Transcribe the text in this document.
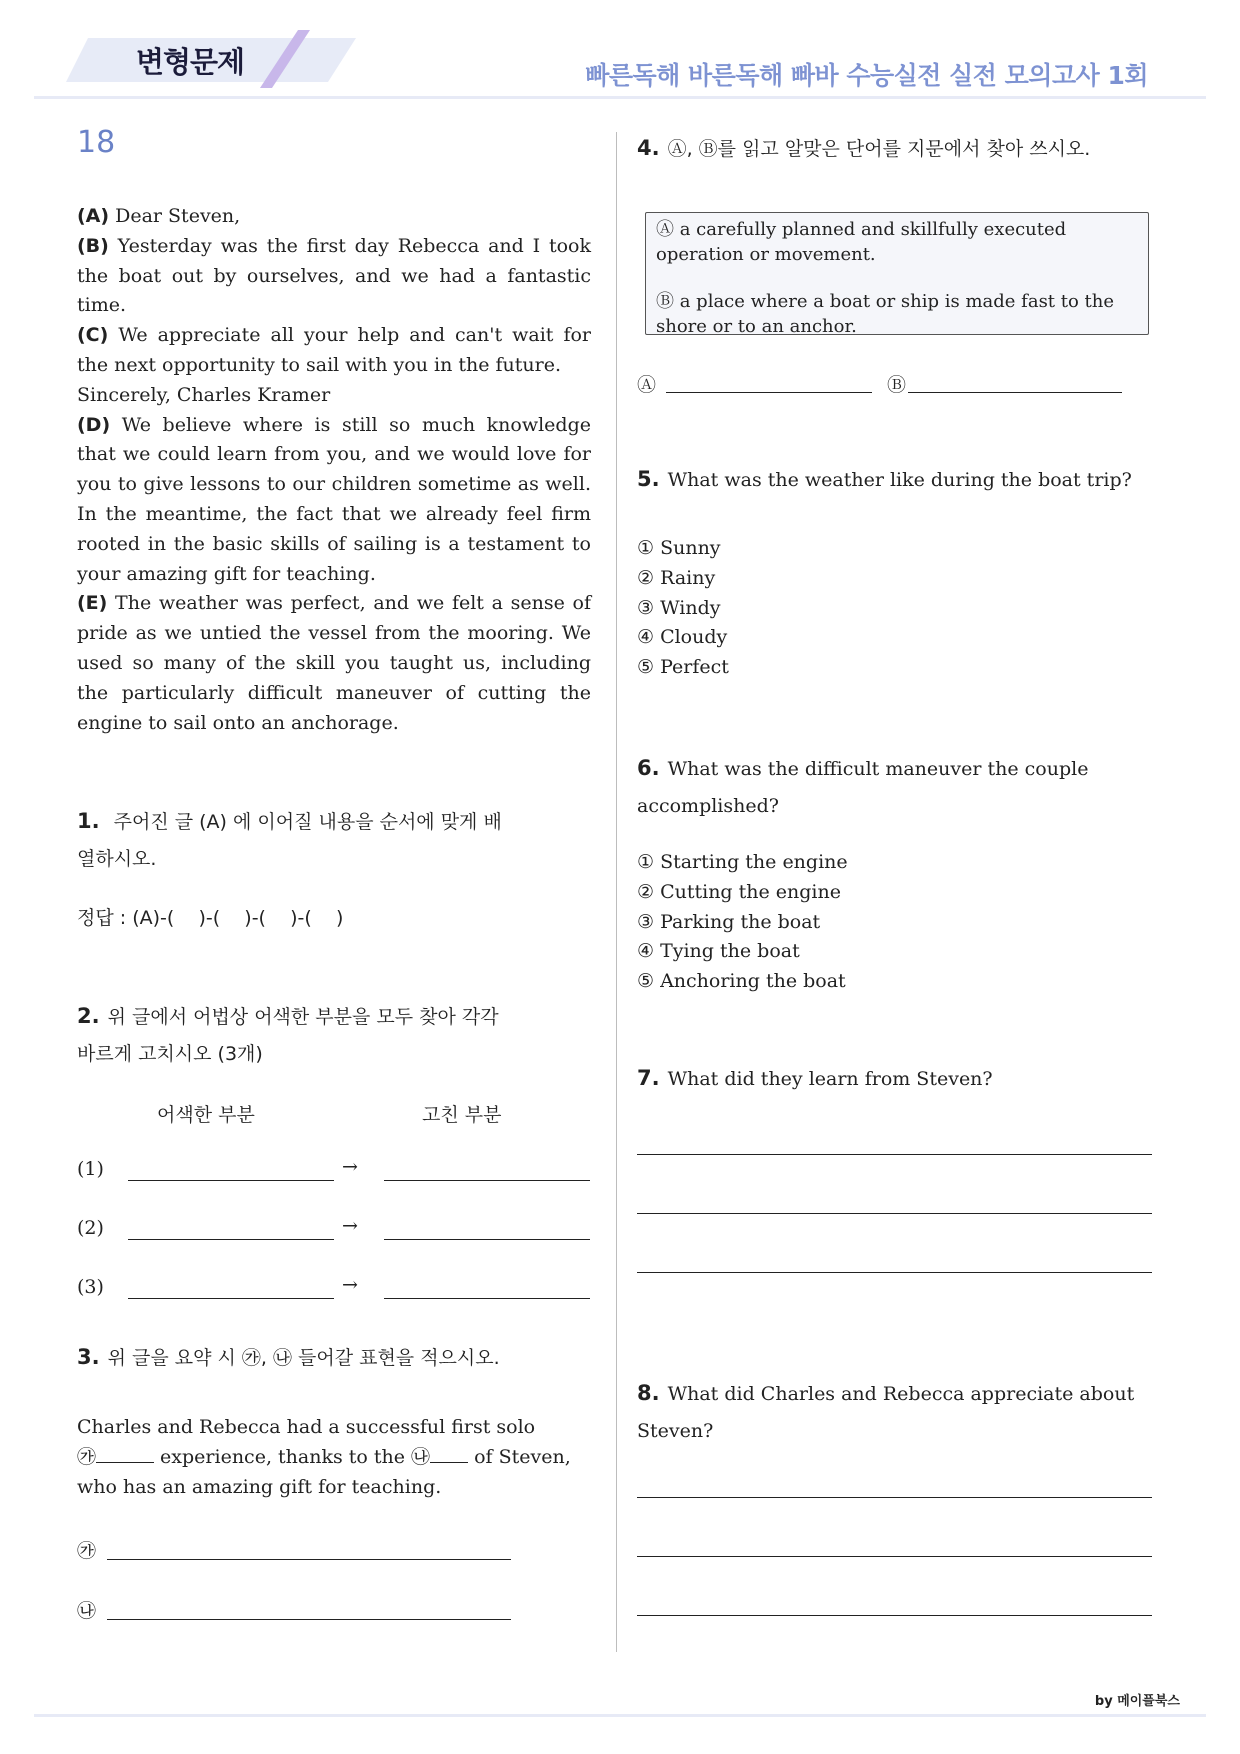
변형문제	빠른독해 바른독해 빠바 수능실전 실전 모의고사 1회
18

(A) Dear Steven,

(B) Yesterday was the first day Rebecca and I took the boat out by ourselves, and we had a fantastic time.

(C) We appreciate all your help and can't wait for the next opportunity to sail with you in the future.

Sincerely, Charles Kramer

(D) We believe where is still so much knowledge that we could learn from you, and we would love for you to give lessons to our children sometime as well. In the meantime, the fact that we already feel firm rooted in the basic skills of sailing is a testament to your amazing gift for teaching.

(E) The weather was perfect, and we felt a sense of pride as we untied the vessel from the mooring. We used so many of the skill you taught us, including the particularly difficult maneuver of cutting the engine to sail onto an anchorage.

1. 주어진 글 (A) 에 이어질 내용을 순서에 맞게 배
열하시오.
정답 : (A)-(    )-(    )-(    )-(    )
2. 위 글에서 어법상 어색한 부분을 모두 찾아 각각
바르게 고치시오 (3개)
어색한 부분	고친 부분
(1)	→
(2)	→
(3)	→
3. 위 글을 요약 시 ㉮, ㉯ 들어갈 표현을 적으시오.
Charles and Rebecca had a successful first solo
㉮	experience, thanks to the ㉯ of Steven,
who has an amazing gift for teaching.
㉮
㉯
4. Ⓐ, Ⓑ를 읽고 알맞은 단어를 지문에서 찾아 쓰시오.

Ⓐ a carefully planned and skillfully executed operation or movement.

Ⓑ a place where a boat or ship is made fast to the shore or to an anchor.

Ⓐ	Ⓑ
5. What was the weather like during the boat trip?
① Sunny
② Rainy
③ Windy
④ Cloudy
⑤ Perfect
6. What was the difficult maneuver the couple
accomplished?
① Starting the engine
② Cutting the engine
③ Parking the boat
④ Tying the boat
⑤ Anchoring the boat
7. What did they learn from Steven?
8. What did Charles and Rebecca appreciate about
Steven?
by 메이플북스
